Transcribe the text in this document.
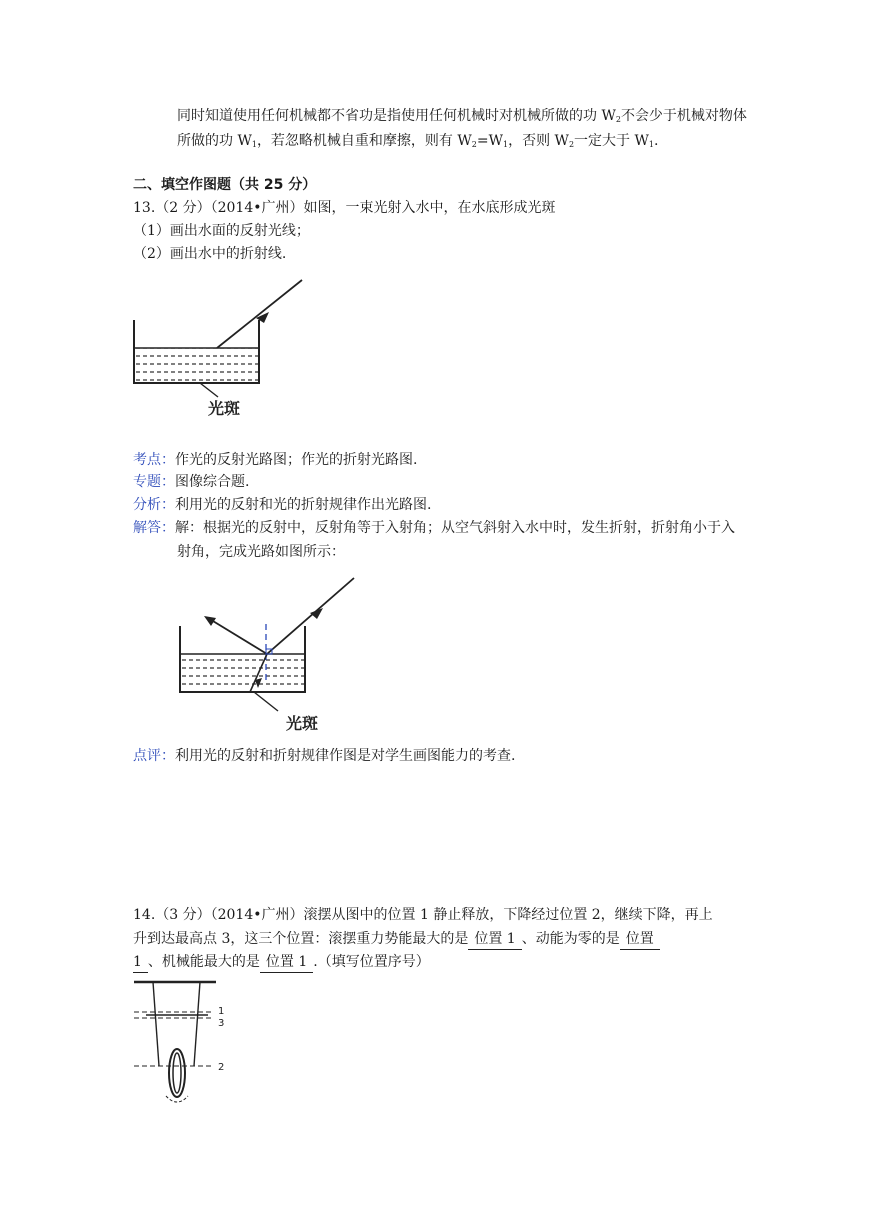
同时知道使用任何机械都不省功是指使用任何机械时对机械所做的功 $W_2$不会少于机械对物体
所做的功 $W_1$，若忽略机械自重和摩擦，则有 $W_2=W_1$，否则 $W_2$一定大于 $W_1$.
二、填空作图题（共 25 分）
13.（2 分）（2014•广州）如图，一束光射入水中，在水底形成光斑
（1）画出水面的反射光线；
（2）画出水中的折射线.
光斑
考点：作光的反射光路图；作光的折射光路图.
专题：图像综合题.
分析：利用光的反射和光的折射规律作出光路图.
解答：解：根据光的反射中，反射角等于入射角；从空气斜射入水中时，发生折射，折射角小于入
射角，完成光路如图所示：
光斑
点评：利用光的反射和折射规律作图是对学生画图能力的考查.
14.（3 分）（2014•广州）滚摆从图中的位置 1 静止释放，下降经过位置 2，继续下降，再上
升到达最高点 3，这三个位置：滚摆重力势能最大的是 位置 1 、动能为零的是 位置
1 、机械能最大的是 位置 1 .（填写位置序号）
1
3
2
